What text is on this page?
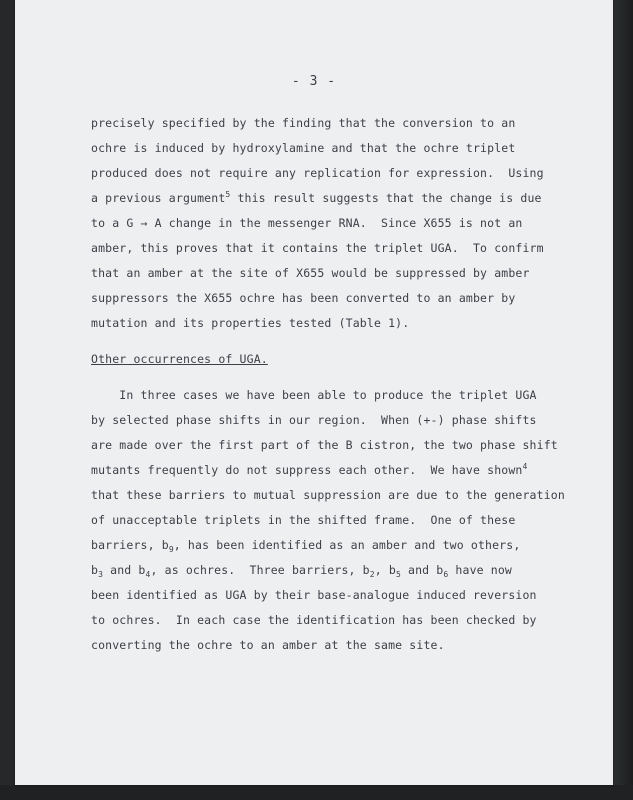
- 3 -
precisely specified by the finding that the conversion to an
ochre is induced by hydroxylamine and that the ochre triplet
produced does not require any replication for expression.  Using
a previous argument$^5$ this result suggests that the change is due
to a G → A change in the messenger RNA.  Since X655 is not an
amber, this proves that it contains the triplet UGA.  To confirm
that an amber at the site of X655 would be suppressed by amber
suppressors the X655 ochre has been converted to an amber by
mutation and its properties tested (Table 1).
Other occurrences of UGA.
In three cases we have been able to produce the triplet UGA
by selected phase shifts in our region.  When (+-) phase shifts
are made over the first part of the B cistron, the two phase shift
mutants frequently do not suppress each other.  We have shown$^4$
that these barriers to mutual suppression are due to the generation
of unacceptable triplets in the shifted frame.  One of these
barriers, $b_9$, has been identified as an amber and two others,
$b_3$ and $b_4$, as ochres.  Three barriers, $b_2$, $b_5$ and $b_6$ have now
been identified as UGA by their base-analogue induced reversion
to ochres.  In each case the identification has been checked by
converting the ochre to an amber at the same site.
